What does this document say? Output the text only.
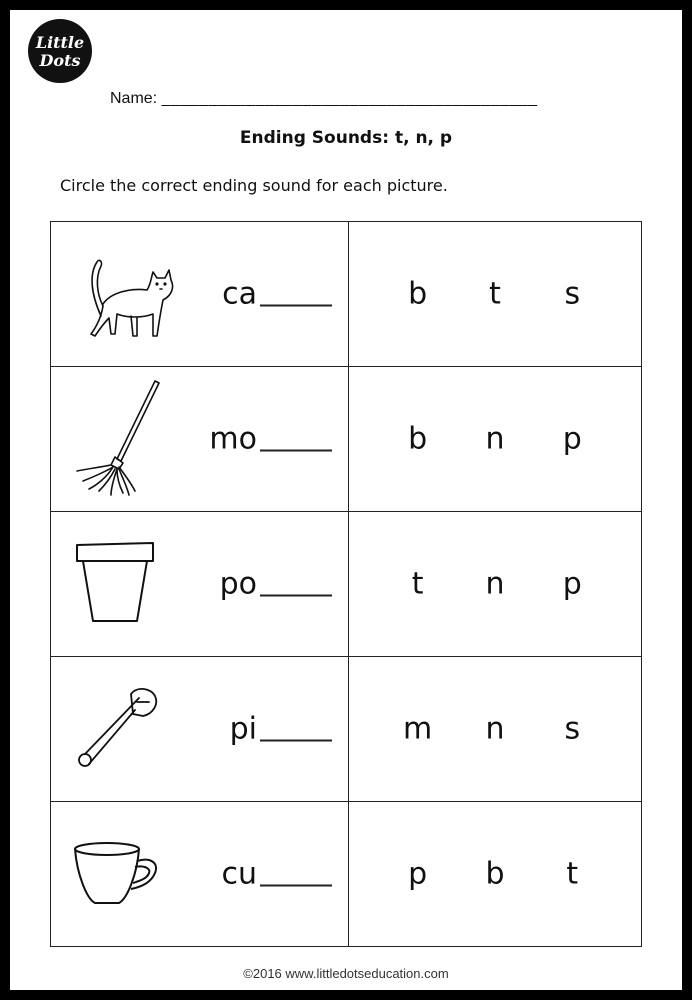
Little
Dots
Name: ________________________________________
Ending Sounds: t, n, p
Circle the correct ending sound for each picture.
ca	b t s

mo	b n p

po	t n p

pi	m n s

cu	p b t
©2016 www.littledotseducation.com
